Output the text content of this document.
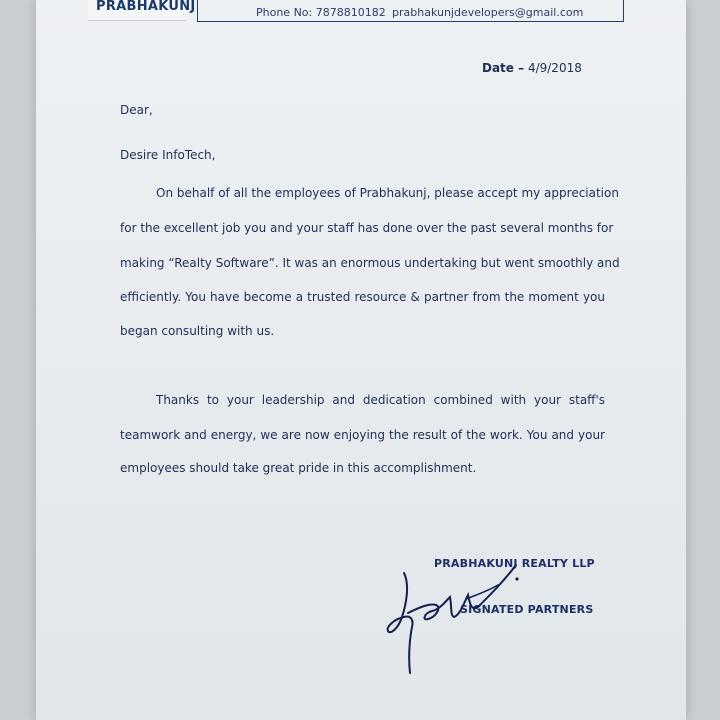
PRABHAKUNJ	Phone No: 7878810182 prabhakunjdevelopers@gmail.com
Date – 4/9/2018
Dear,
Desire InfoTech,
On behalf of all the employees of Prabhakunj, please accept my appreciation
for the excellent job you and your staff has done over the past several months for
making “Realty Software”. It was an enormous undertaking but went smoothly and
efficiently. You have become a trusted resource & partner from the moment you
began consulting with us.
Thanks to your leadership and dedication combined with your staff's
teamwork and energy, we are now enjoying the result of the work. You and your
employees should take great pride in this accomplishment.
PRABHAKUNJ REALTY LLP
SIGNATED PARTNERS
